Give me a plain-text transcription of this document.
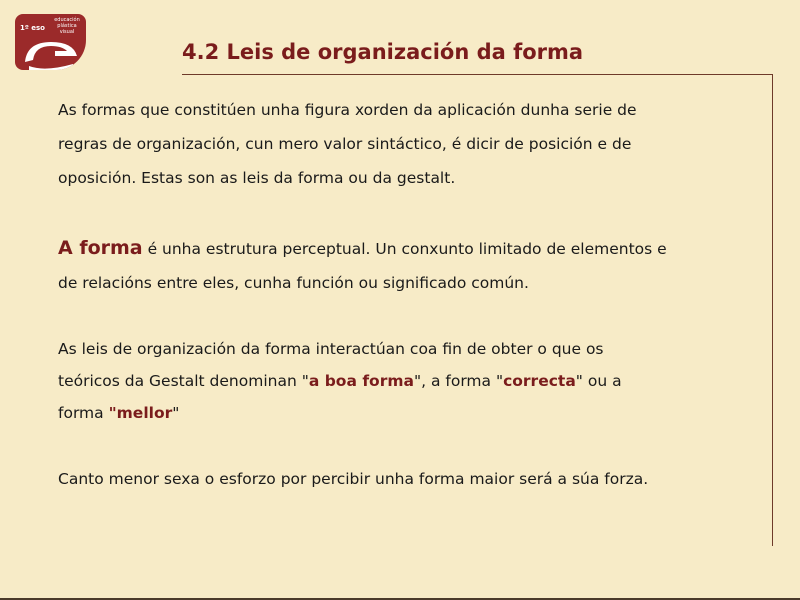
1º eso
educación
plástica
visual
4.2 Leis de organización da forma

As formas que constitúen unha figura xorden da aplicación dunha serie de
regras de organización, cun mero valor sintáctico, é dicir de posición e de
oposición. Estas son as leis da forma ou da gestalt.

A forma é unha estrutura perceptual. Un conxunto limitado de elementos e
de relacións entre eles, cunha función ou significado común.

As leis de organización da forma interactúan coa fin de obter o que os
teóricos da Gestalt denominan "a boa forma", a forma "correcta" ou a
forma "mellor"

Canto menor sexa o esforzo por percibir unha forma maior será a súa forza.
